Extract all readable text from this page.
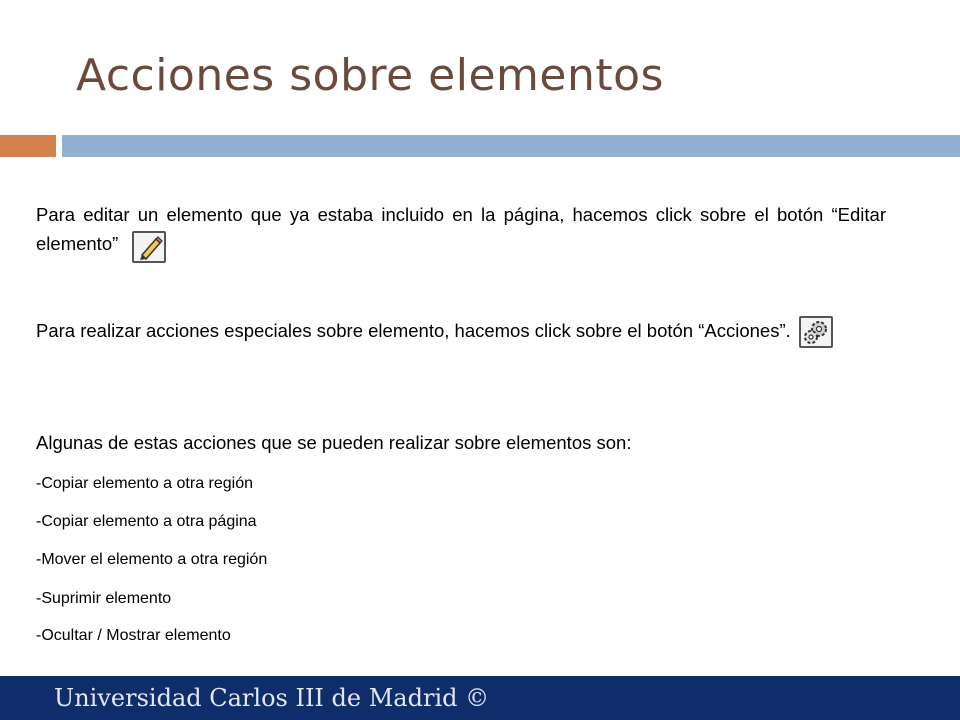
Acciones sobre elementos

Para editar un elemento que ya estaba incluido en la página, hacemos click sobre el botón “Editar elemento”

Para realizar acciones especiales sobre elemento, hacemos click sobre el botón “Acciones”.

Algunas de estas acciones que se pueden realizar sobre elementos son:

-Copiar elemento a otra región

-Copiar elemento a otra página

-Mover el elemento a otra región

-Suprimir elemento

-Ocultar / Mostrar elemento

Universidad Carlos III de Madrid ©
